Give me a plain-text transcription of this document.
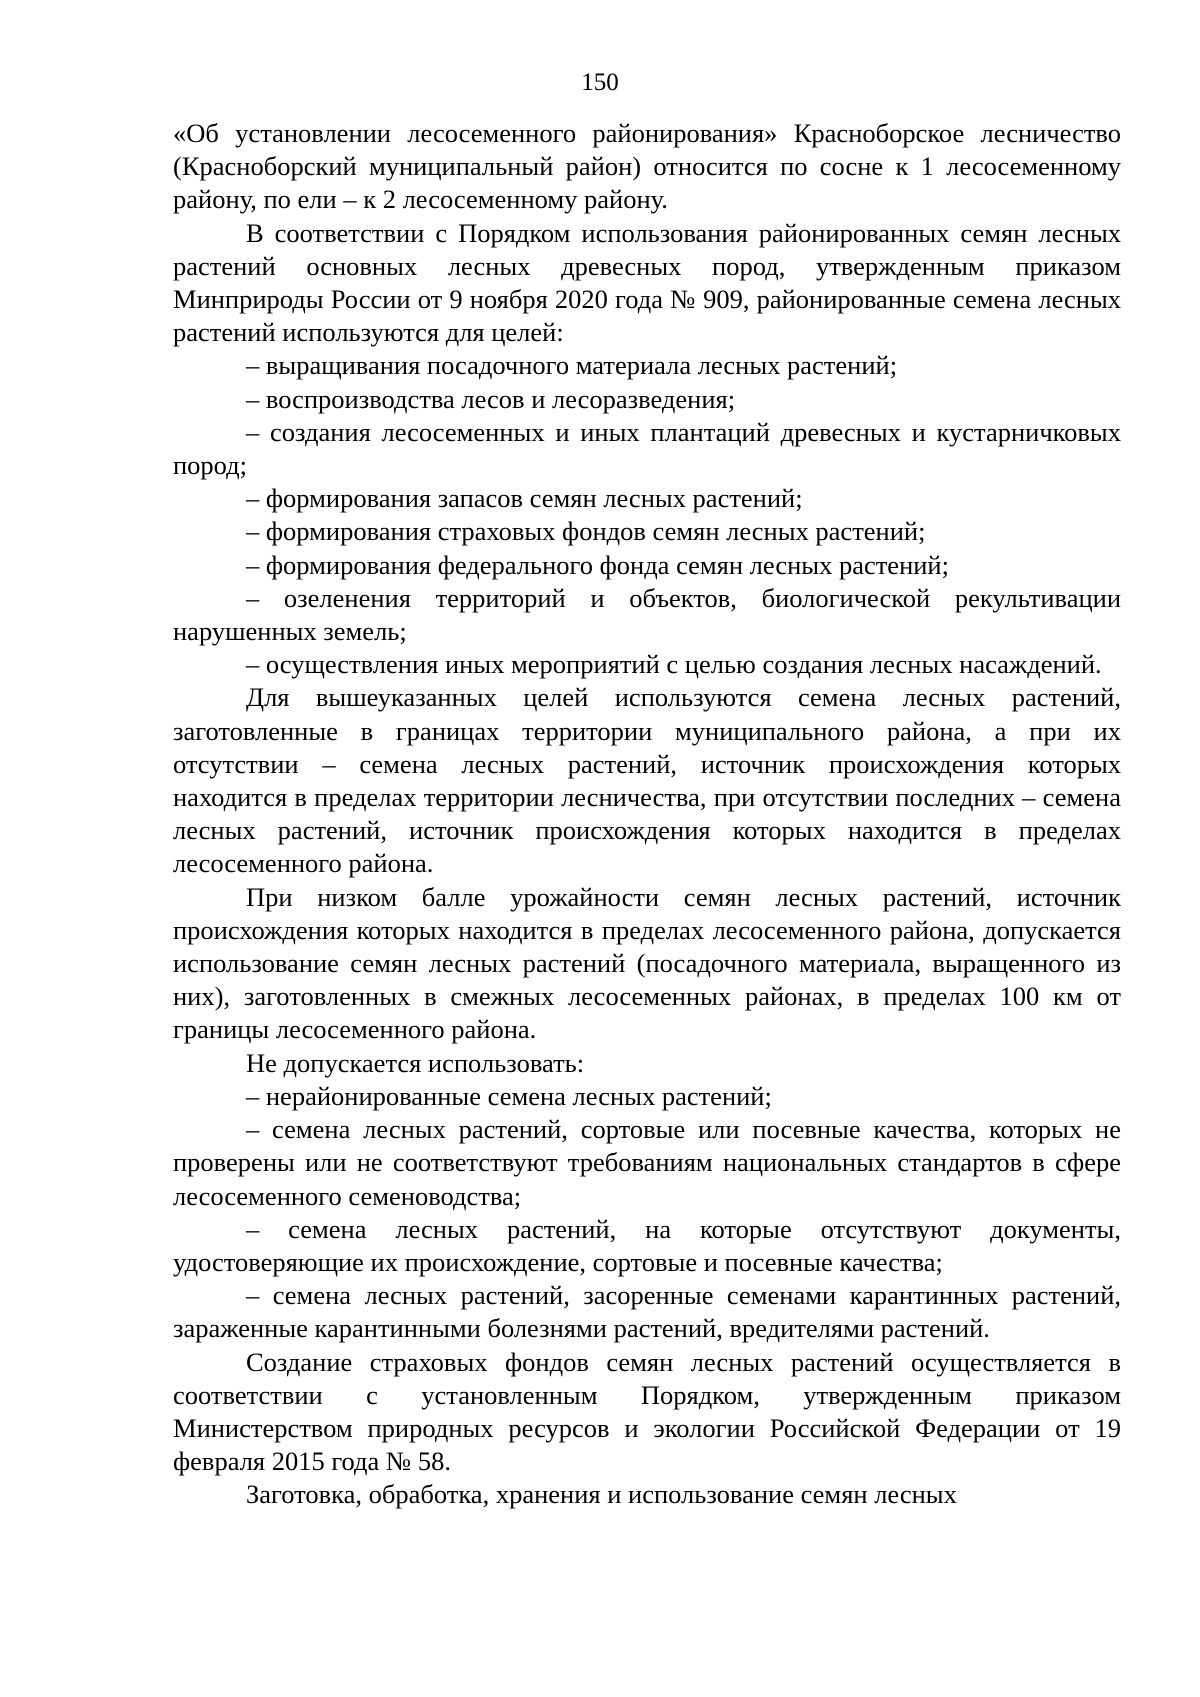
150

«Об установлении лесосеменного районирования» Красноборское лесничество (Красноборский муниципальный район) относится по сосне к 1 лесосеменному району, по ели – к 2 лесосеменному району.

В соответствии с Порядком использования районированных семян лесных растений основных лесных древесных пород, утвержденным приказом Минприроды России от 9 ноября 2020 года № 909, районированные семена лесных растений используются для целей:

– выращивания посадочного материала лесных растений;

– воспроизводства лесов и лесоразведения;

– создания лесосеменных и иных плантаций древесных и кустарничковых пород;

– формирования запасов семян лесных растений;

– формирования страховых фондов семян лесных растений;

– формирования федерального фонда семян лесных растений;

– озеленения территорий и объектов, биологической рекультивации нарушенных земель;

– осуществления иных мероприятий с целью создания лесных насаждений.

Для вышеуказанных целей используются семена лесных растений, заготовленные в границах территории муниципального района, а при их отсутствии – семена лесных растений, источник происхождения которых находится в пределах территории лесничества, при отсутствии последних – семена лесных растений, источник происхождения которых находится в пределах лесосеменного района.

При низком балле урожайности семян лесных растений, источник происхождения которых находится в пределах лесосеменного района, допускается использование семян лесных растений (посадочного материала, выращенного из них), заготовленных в смежных лесосеменных районах, в пределах 100 км от границы лесосеменного района.

Не допускается использовать:

– нерайонированные семена лесных растений;

– семена лесных растений, сортовые или посевные качества, которых не проверены или не соответствуют требованиям национальных стандартов в сфере лесосеменного семеноводства;

– семена лесных растений, на которые отсутствуют документы, удостоверяющие их происхождение, сортовые и посевные качества;

– семена лесных растений, засоренные семенами карантинных растений, зараженные карантинными болезнями растений, вредителями растений.

Создание страховых фондов семян лесных растений осуществляется в соответствии с установленным Порядком, утвержденным приказом Министерством природных ресурсов и экологии Российской Федерации от 19 февраля 2015 года № 58.

Заготовка, обработка, хранения и использование семян лесных
